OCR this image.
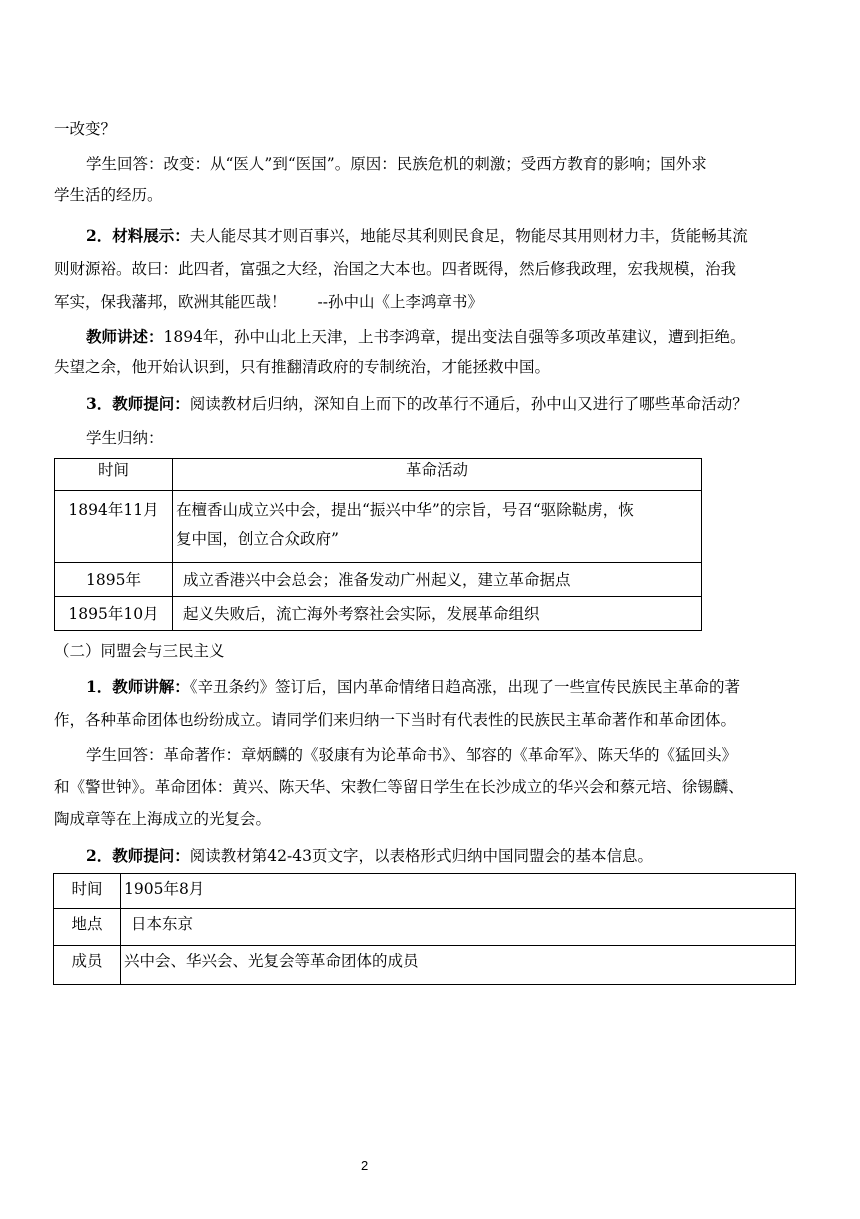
一改变？
学生回答：改变：从“医人”到“医国”。原因：民族危机的刺激；受西方教育的影响；国外求
学生活的经历。
2．材料展示：夫人能尽其才则百事兴，地能尽其利则民食足，物能尽其用则材力丰，货能畅其流
则财源裕。故曰：此四者，富强之大经，治国之大本也。四者既得，然后修我政理，宏我规模，治我
军实，保我藩邦，欧洲其能匹哉！　　--孙中山《上李鸿章书》
教师讲述：1894年，孙中山北上天津，上书李鸿章，提出变法自强等多项改革建议，遭到拒绝。
失望之余，他开始认识到，只有推翻清政府的专制统治，才能拯救中国。
3．教师提问：阅读教材后归纳，深知自上而下的改革行不通后，孙中山又进行了哪些革命活动？
学生归纳：
时间	革命活动
1894年11月	在檀香山成立兴中会，提出“振兴中华”的宗旨，号召“驱除鞑虏，恢
复中国，创立合众政府”

1895年	成立香港兴中会总会；准备发动广州起义，建立革命据点
1895年10月	起义失败后，流亡海外考察社会实际，发展革命组织
（二）同盟会与三民主义
1．教师讲解：《辛丑条约》签订后，国内革命情绪日趋高涨，出现了一些宣传民族民主革命的著
作，各种革命团体也纷纷成立。请同学们来归纳一下当时有代表性的民族民主革命著作和革命团体。
学生回答：革命著作：章炳麟的《驳康有为论革命书》、邹容的《革命军》、陈天华的《猛回头》
和《警世钟》。革命团体：黄兴、陈天华、宋教仁等留日学生在长沙成立的华兴会和蔡元培、徐锡麟、
陶成章等在上海成立的光复会。
2．教师提问：阅读教材第42-43页文字，以表格形式归纳中国同盟会的基本信息。
时间	1905年8月
地点	日本东京
成员	兴中会、华兴会、光复会等革命团体的成员
2
